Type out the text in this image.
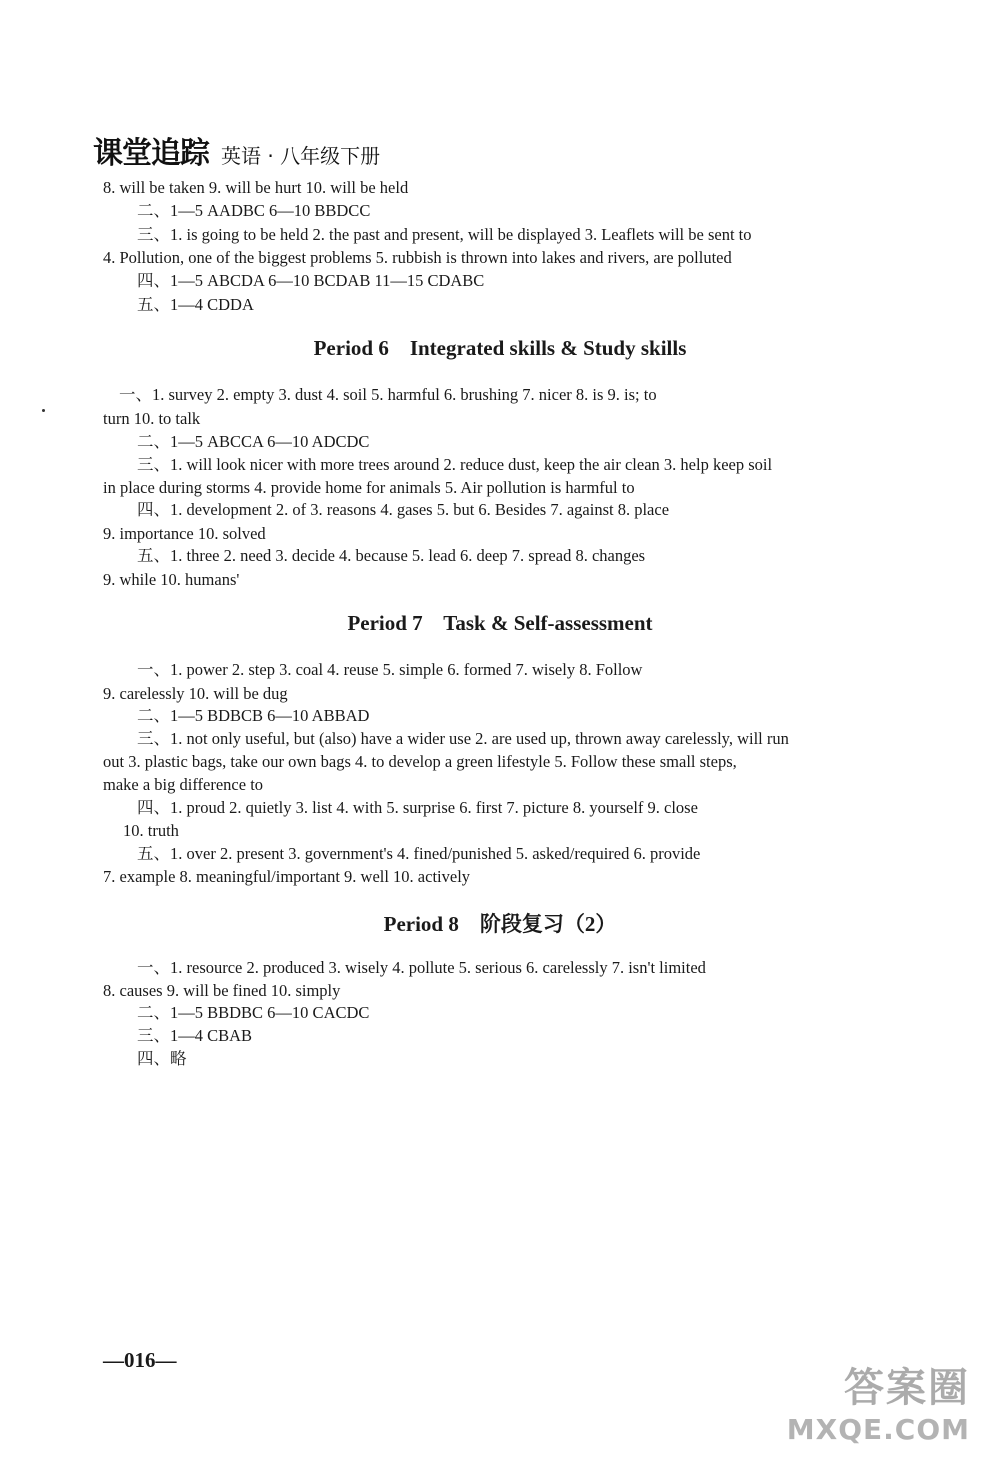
课堂追踪 英语 · 八年级下册
8. will be taken 9. will be hurt 10. will be held
二、1—5 AADBC 6—10 BBDCC
三、1. is going to be held 2. the past and present, will be displayed 3. Leaflets will be sent to
4. Pollution, one of the biggest problems 5. rubbish is thrown into lakes and rivers, are polluted
四、1—5 ABCDA 6—10 BCDAB 11—15 CDABC
五、1—4 CDDA
一、1. survey 2. empty 3. dust 4. soil 5. harmful 6. brushing 7. nicer 8. is 9. is; to
turn 10. to talk
二、1—5 ABCCA 6—10 ADCDC
三、1. will look nicer with more trees around 2. reduce dust, keep the air clean 3. help keep soil
in place during storms 4. provide home for animals 5. Air pollution is harmful to
四、1. development 2. of 3. reasons 4. gases 5. but 6. Besides 7. against 8. place
9. importance 10. solved
五、1. three 2. need 3. decide 4. because 5. lead 6. deep 7. spread 8. changes
9. while 10. humans'
一、1. power 2. step 3. coal 4. reuse 5. simple 6. formed 7. wisely 8. Follow
9. carelessly 10. will be dug
二、1—5 BDBCB 6—10 ABBAD
三、1. not only useful, but (also) have a wider use 2. are used up, thrown away carelessly, will run
out 3. plastic bags, take our own bags 4. to develop a green lifestyle 5. Follow these small steps,
make a big difference to
四、1. proud 2. quietly 3. list 4. with 5. surprise 6. first 7. picture 8. yourself 9. close
10. truth
五、1. over 2. present 3. government's 4. fined/punished 5. asked/required 6. provide
7. example 8. meaningful/important 9. well 10. actively
一、1. resource 2. produced 3. wisely 4. pollute 5. serious 6. carelessly 7. isn't limited
8. causes 9. will be fined 10. simply
二、1—5 BBDBC 6—10 CACDC
三、1—4 CBAB
四、略
Period 6    Integrated skills & Study skills
Period 7    Task & Self-assessment
Period 8    阶段复习（2）
—016—
答案圈
MXQE.COM
